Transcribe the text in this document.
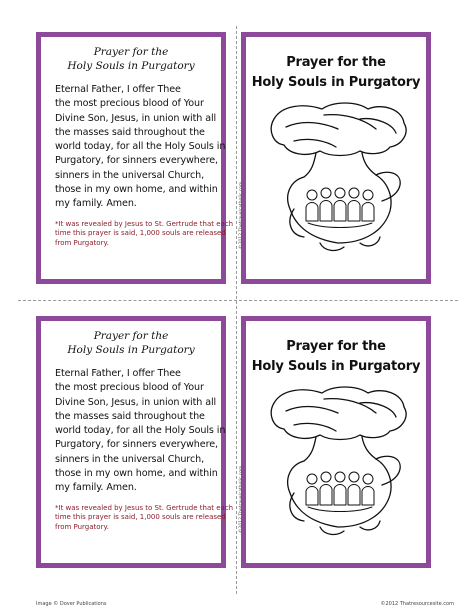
Prayer for the
Holy Souls in Purgatory
Eternal Father, I offer Thee
the most precious blood of Your
Divine Son, Jesus, in union with all
the masses said throughout the
world today, for all the Holy Souls in
Purgatory, for sinners everywhere,
sinners in the universal Church,
those in my own home, and within
my family. Amen.
*It was revealed by Jesus to St. Gertrude that each
time this prayer is said, 1,000 souls are released
from Purgatory.
Prayer for the
Holy Souls in Purgatory
©2012 Thetravelcatholic.com
Prayer for the
Holy Souls in Purgatory
Eternal Father, I offer Thee
the most precious blood of Your
Divine Son, Jesus, in union with all
the masses said throughout the
world today, for all the Holy Souls in
Purgatory, for sinners everywhere,
sinners in the universal Church,
those in my own home, and within
my family. Amen.
*It was revealed by Jesus to St. Gertrude that each
time this prayer is said, 1,000 souls are released
from Purgatory.
Prayer for the
Holy Souls in Purgatory
©2012 Thetravelcatholic.com
Image © Dover Publications	©2012 Thatresourcesite.com
